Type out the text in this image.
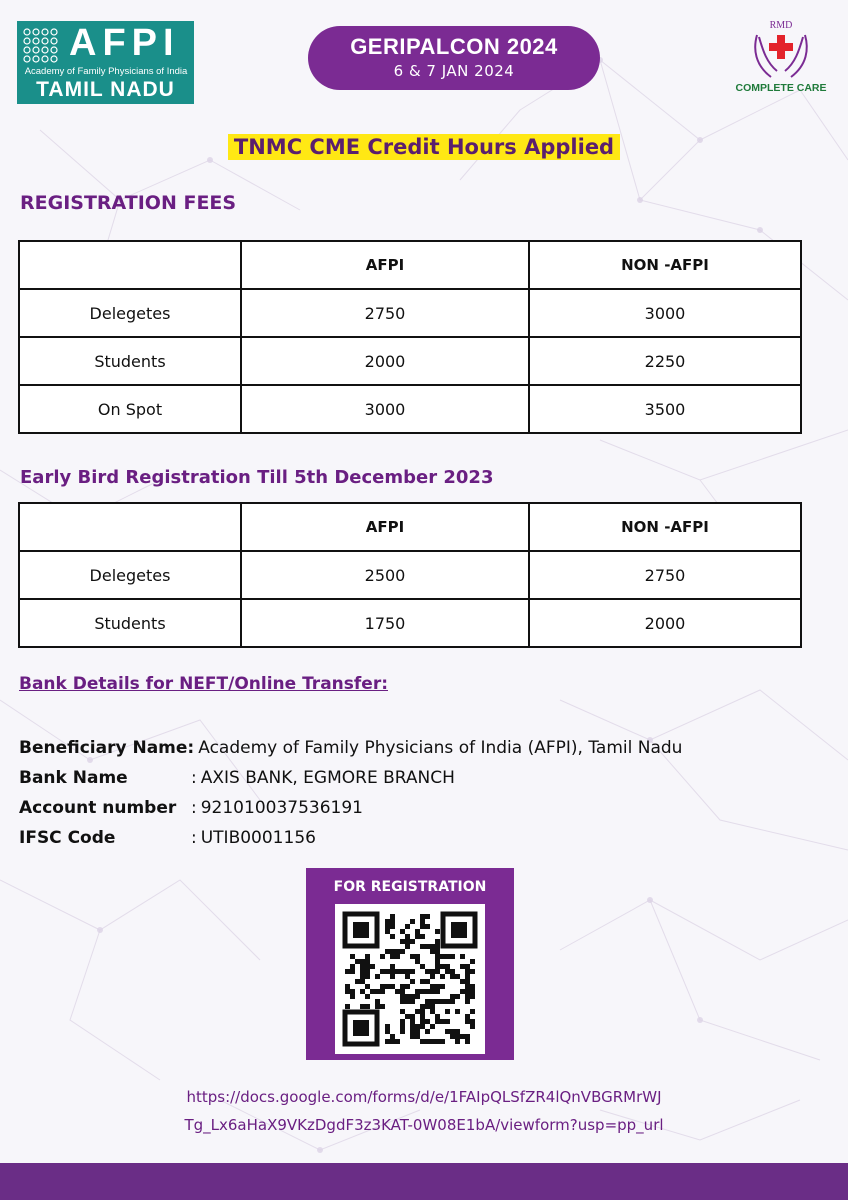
AFPI
Academy of Family Physicians of India
TAMIL NADU
GERIPALCON 2024
6 & 7 JAN 2024
RMD
COMPLETE CARE
TNMC CME Credit Hours Applied
REGISTRATION FEES
	AFPI	NON -AFPI
Delegetes	2750	3000
Students	2000	2250
On Spot	3000	3500
Early Bird Registration Till 5th December 2023
	AFPI	NON -AFPI
Delegetes	2500	2750
Students	1750	2000
Bank Details for NEFT/Online Transfer:
Beneficiary Name: Academy of Family Physicians of India (AFPI), Tamil Nadu
Bank Name	: AXIS BANK, EGMORE BRANCH
Account number : 921010037536191
IFSC Code	: UTIB0001156
FOR REGISTRATION
https://docs.google.com/forms/d/e/1FAIpQLSfZR4lQnVBGRMrWJ
Tg_Lx6aHaX9VKzDgdF3z3KAT-0W08E1bA/viewform?usp=pp_url
